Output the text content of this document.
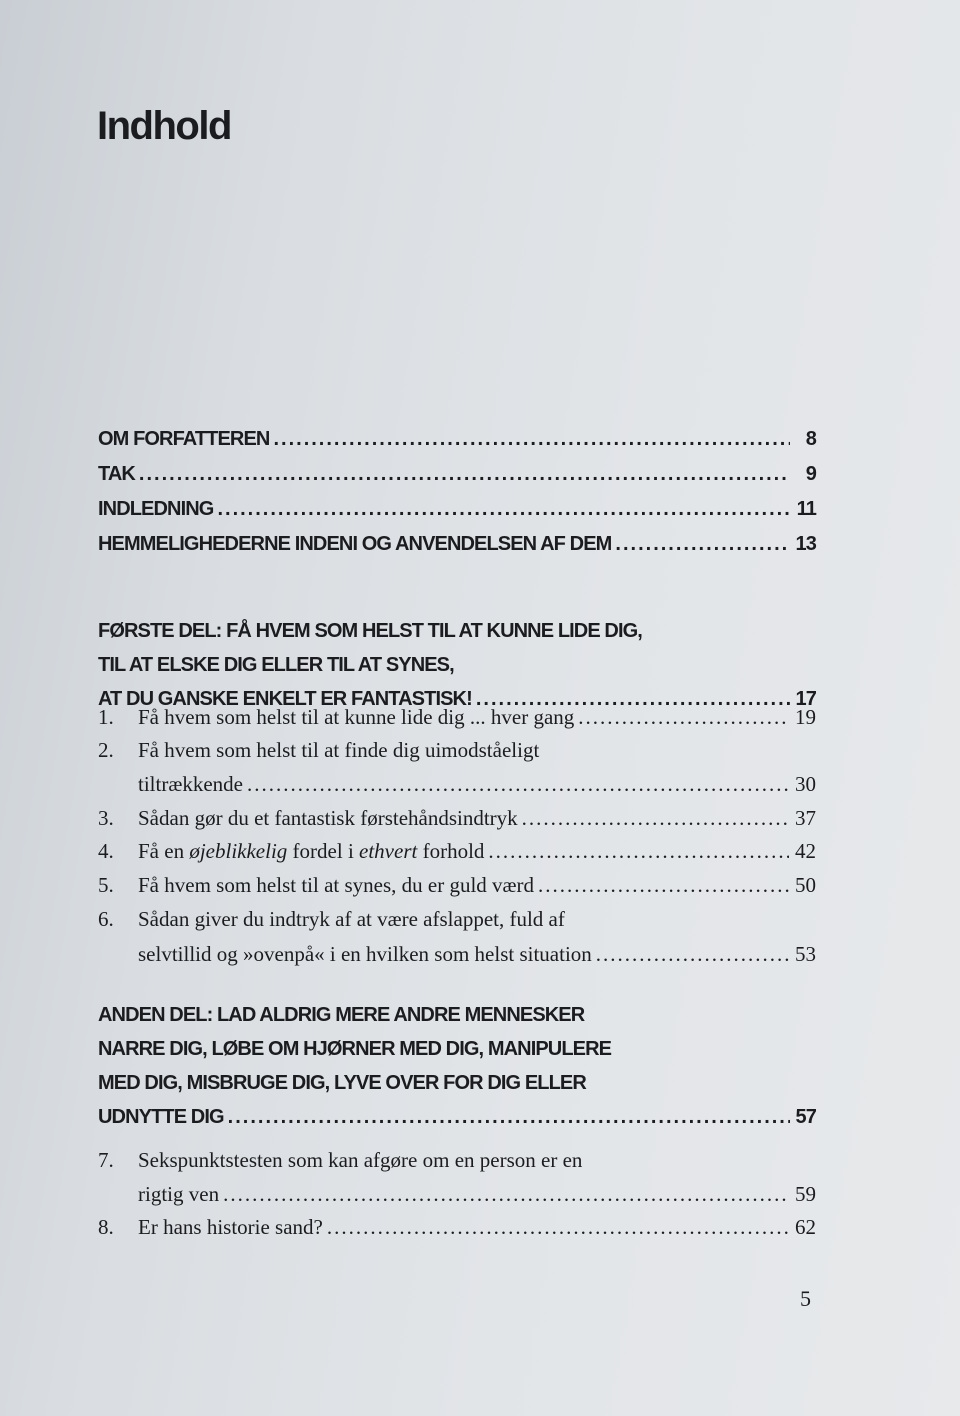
Indhold
OM FORFATTEREN .....	8
TAK .....	9
INDLEDNING .....	11
HEMMELIGHEDERNE INDENI OG ANVENDELSEN AF DEM .....	13
FØRSTE DEL: FÅ HVEM SOM HELST TIL AT KUNNE LIDE DIG,
TIL AT ELSKE DIG ELLER TIL AT SYNES,
AT DU GANSKE ENKELT ER FANTASTISK! .....	17
1.	Få hvem som helst til at kunne lide dig ... hver gang .....	19
2.	Få hvem som helst til at finde dig uimodståeligt
tiltrækkende .....	30
3.	Sådan gør du et fantastisk førstehåndsindtryk .....	37
4.	Få en øjeblikkelig fordel i ethvert forhold .....	42
5.	Få hvem som helst til at synes, du er guld værd .....	50
6.	Sådan giver du indtryk af at være afslappet, fuld af
selvtillid og »ovenpå« i en hvilken som helst situation .....	53
ANDEN DEL: LAD ALDRIG MERE ANDRE MENNESKER
NARRE DIG, LØBE OM HJØRNER MED DIG, MANIPULERE
MED DIG, MISBRUGE DIG, LYVE OVER FOR DIG ELLER
UDNYTTE DIG .....	57
7.	Sekspunktstesten som kan afgøre om en person er en
rigtig ven .....	59
8.	Er hans historie sand? .....	62
5
